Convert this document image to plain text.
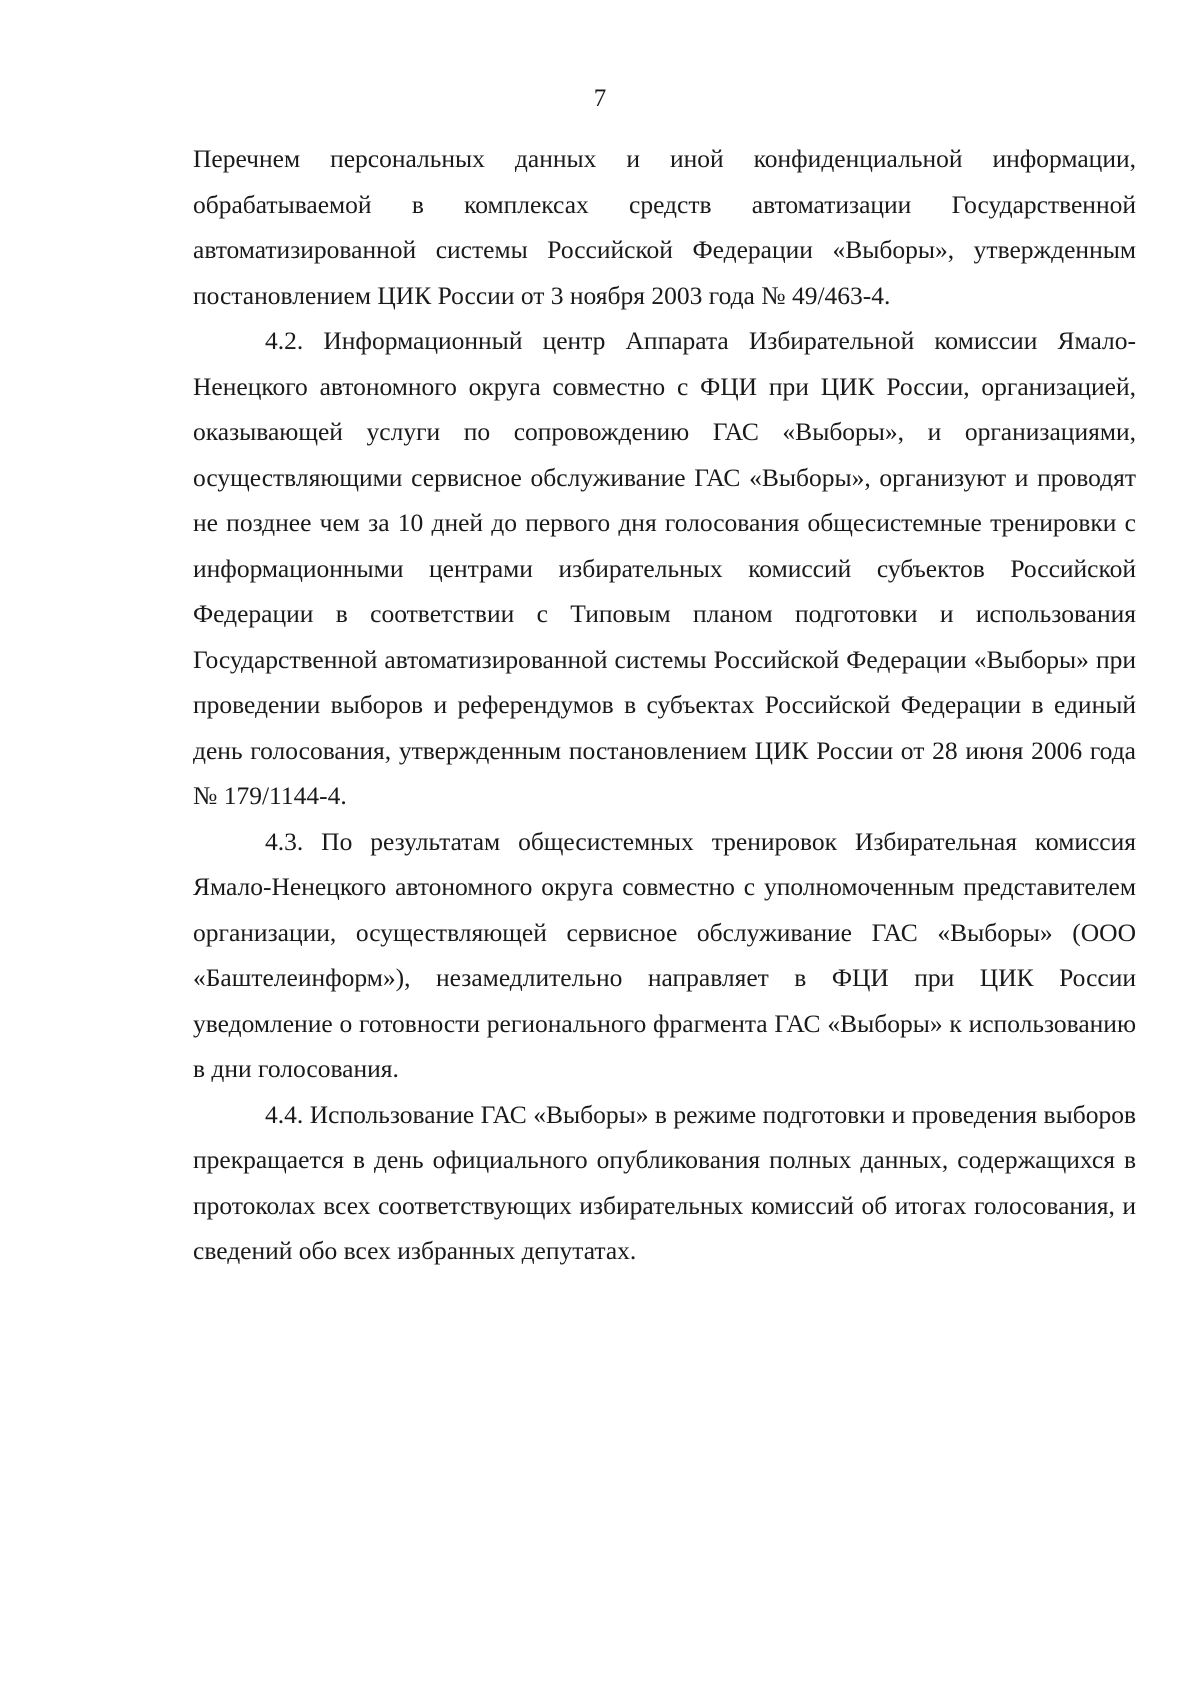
7

Перечнем персональных данных и иной конфиденциальной информации, обрабатываемой в комплексах средств автоматизации Государственной автоматизированной системы Российской Федерации «Выборы», утвержденным постановлением ЦИК России от 3 ноября 2003 года № 49/463-4.

4.2. Информационный центр Аппарата Избирательной комиссии Ямало-Ненецкого автономного округа совместно с ФЦИ при ЦИК России, организацией, оказывающей услуги по сопровождению ГАС «Выборы», и организациями, осуществляющими сервисное обслуживание ГАС «Выборы», организуют и проводят не позднее чем за 10 дней до первого дня голосования общесистемные тренировки с информационными центрами избирательных комиссий субъектов Российской Федерации в соответствии с Типовым планом подготовки и использования Государственной автоматизированной системы Российской Федерации «Выборы» при проведении выборов и референдумов в субъектах Российской Федерации в единый день голосования, утвержденным постановлением ЦИК России от 28 июня 2006 года № 179/1144-4.

4.3. По результатам общесистемных тренировок Избирательная комиссия Ямало-Ненецкого автономного округа совместно с уполномоченным представителем организации, осуществляющей сервисное обслуживание ГАС «Выборы» (ООО «Баштелеинформ»), незамедлительно направляет в ФЦИ при ЦИК России уведомление о готовности регионального фрагмента ГАС «Выборы» к использованию в дни голосования.

4.4. Использование ГАС «Выборы» в режиме подготовки и проведения выборов прекращается в день официального опубликования полных данных, содержащихся в протоколах всех соответствующих избирательных комиссий об итогах голосования, и сведений обо всех избранных депутатах.
